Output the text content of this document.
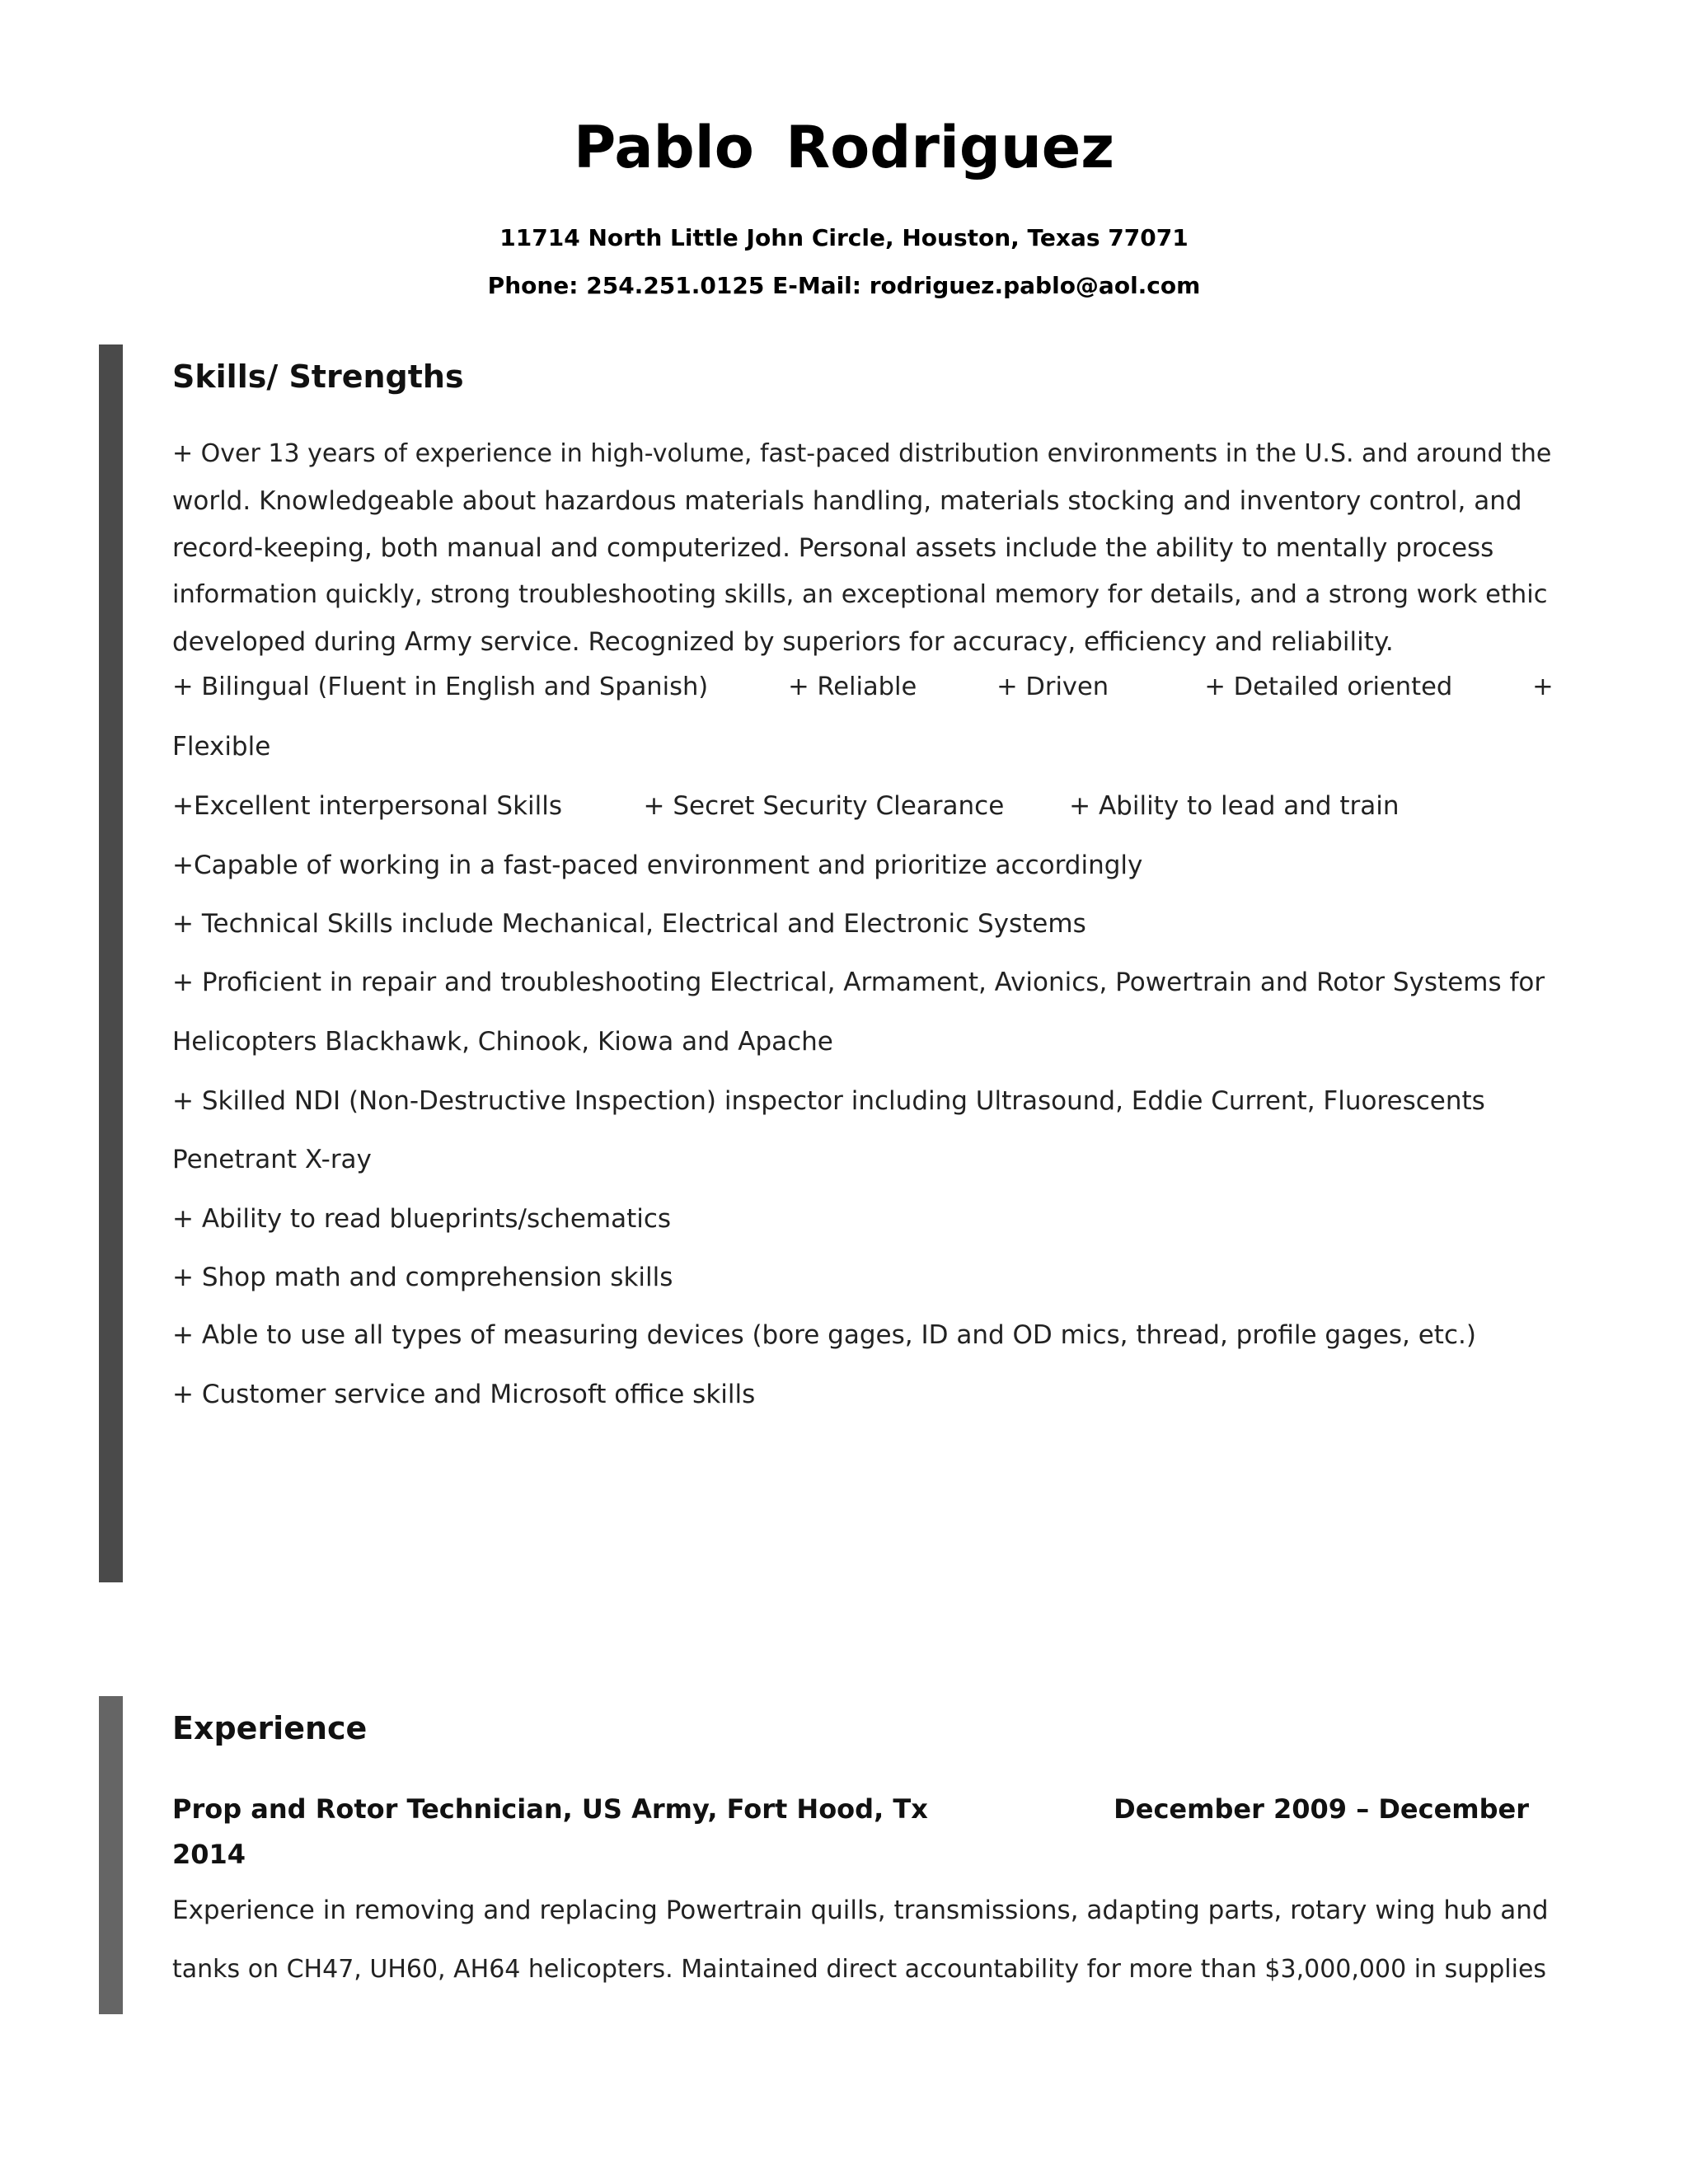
Pablo Rodriguez
11714 North Little John Circle, Houston, Texas 77071
Phone: 254.251.0125 E-Mail: rodriguez.pablo@aol.com
Skills/ Strengths
+ Over 13 years of experience in high-volume, fast-paced distribution environments in the U.S. and around the
world. Knowledgeable about hazardous materials handling, materials stocking and inventory control, and
record-keeping, both manual and computerized. Personal assets include the ability to mentally process
information quickly, strong troubleshooting skills, an exceptional memory for details, and a strong work ethic
developed during Army service. Recognized by superiors for accuracy, efficiency and reliability.
+ Bilingual (Fluent in English and Spanish)          + Reliable          + Driven            + Detailed oriented          +
Flexible
+Excellent interpersonal Skills          + Secret Security Clearance        + Ability to lead and train
+Capable of working in a fast-paced environment and prioritize accordingly
+ Technical Skills include Mechanical, Electrical and Electronic Systems
+ Proficient in repair and troubleshooting Electrical, Armament, Avionics, Powertrain and Rotor Systems for
Helicopters Blackhawk, Chinook, Kiowa and Apache
+ Skilled NDI (Non-Destructive Inspection) inspector including Ultrasound, Eddie Current, Fluorescents
Penetrant X-ray
+ Ability to read blueprints/schematics
+ Shop math and comprehension skills
+ Able to use all types of measuring devices (bore gages, ID and OD mics, thread, profile gages, etc.)
+ Customer service and Microsoft office skills
Experience
Prop and Rotor Technician, US Army, Fort Hood, Tx	December 2009 – December
2014
Experience in removing and replacing Powertrain quills, transmissions, adapting parts, rotary wing hub and
tanks on CH47, UH60, AH64 helicopters. Maintained direct accountability for more than $3,000,000 in supplies
